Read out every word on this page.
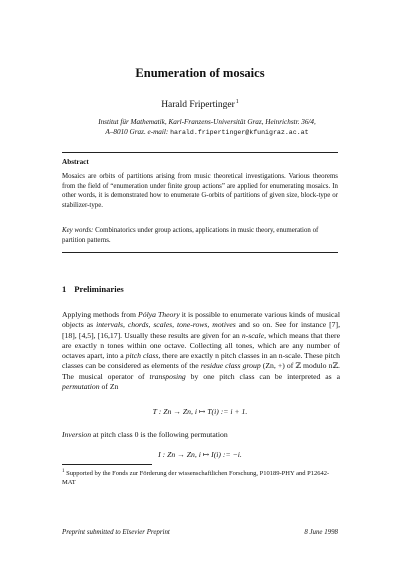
Enumeration of mosaics
Harald Fripertinger$^1$
Institut für Mathematik, Karl-Franzens-Universität Graz, Heinrichstr. 36/4,
A–8010 Graz. e-mail: harald.fripertinger@kfunigraz.ac.at
Abstract
Mosaics are orbits of partitions arising from music theoretical investigations. Various theorems from the field of “enumeration under finite group actions” are applied for enumerating mosaics. In other words, it is demonstrated how to enumerate G-orbits of partitions of given size, block-type or stabilizer-type.
Key words: Combinatorics under group actions, applications in music theory, enumeration of partition patterns.
1 Preliminaries
Applying methods from Pólya Theory it is possible to enumerate various kinds of musical objects as intervals, chords, scales, tone-rows, motives and so on. See for instance [7], [18], [4,5], [16,17]. Usually these results are given for an n-scale, which means that there are exactly n tones within one octave. Collecting all tones, which are any number of octaves apart, into a pitch class, there are exactly n pitch classes in an n-scale. These pitch classes can be considered as elements of the residue class group (Zn, +) of ℤ modulo nℤ. The musical operator of transposing by one pitch class can be interpreted as a permutation of Zn
T : Zn → Zn, i ↦ T(i) := i + 1.
Inversion at pitch class 0 is the following permutation
I : Zn → Zn, i ↦ I(i) := −i.
$^1$ Supported by the Fonds zur Förderung der wissenschaftlichen Forschung, P10189-PHY and P12642-MAT
Preprint submitted to Elsevier Preprint	8 June 1998
